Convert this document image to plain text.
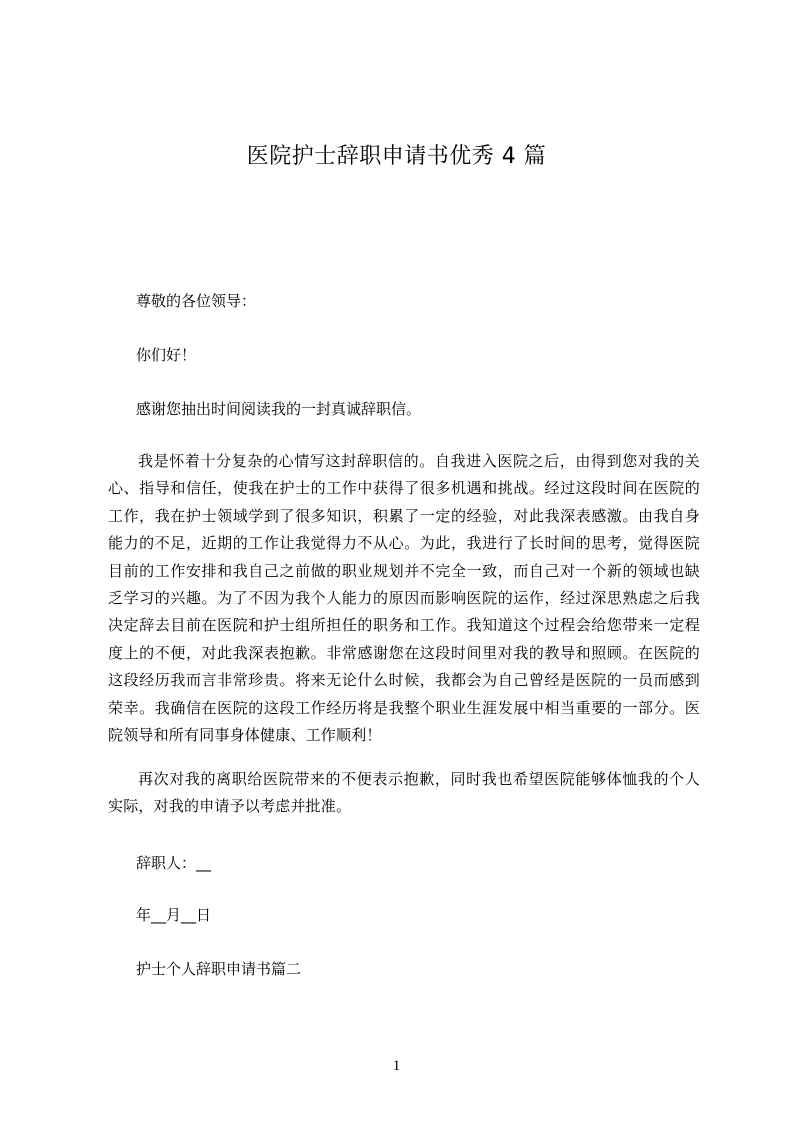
医院护士辞职申请书优秀 4 篇
尊敬的各位领导：
你们好！
感谢您抽出时间阅读我的一封真诚辞职信。
我是怀着十分复杂的心情写这封辞职信的。自我进入医院之后，由得到您对我的关心、指导和信任，使我在护士的工作中获得了很多机遇和挑战。经过这段时间在医院的工作，我在护士领域学到了很多知识，积累了一定的经验，对此我深表感激。由我自身能力的不足，近期的工作让我觉得力不从心。为此，我进行了长时间的思考，觉得医院目前的工作安排和我自己之前做的职业规划并不完全一致，而自己对一个新的领域也缺乏学习的兴趣。为了不因为我个人能力的原因而影响医院的运作，经过深思熟虑之后我决定辞去目前在医院和护士组所担任的职务和工作。我知道这个过程会给您带来一定程度上的不便，对此我深表抱歉。非常感谢您在这段时间里对我的教导和照顾。在医院的这段经历我而言非常珍贵。将来无论什么时候，我都会为自己曾经是医院的一员而感到荣幸。我确信在医院的这段工作经历将是我整个职业生涯发展中相当重要的一部分。医院领导和所有同事身体健康、工作顺利！
再次对我的离职给医院带来的不便表示抱歉，同时我也希望医院能够体恤我的个人实际，对我的申请予以考虑并批准。
辞职人：__
年__月__日
护士个人辞职申请书篇二
1
